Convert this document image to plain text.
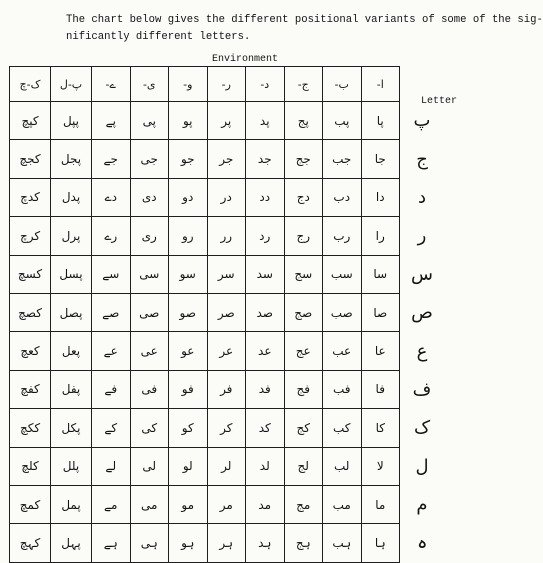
The chart below gives the different positional variants of some of the sig-
nificantly different letters.

Environment
Letter
ک-چ	پ-ل	ے-	ی-	و-	ر-	د-	ج-	ب-	ا-	
کپچ	پپل	پے	پی	پو	پر	پد	پج	پب	پا	پ
کجچ	پجل	جے	جی	جو	جر	جد	جج	جب	جا	ج
کدچ	پدل	دے	دی	دو	در	دد	دج	دب	دا	د
کرچ	پرل	رے	ری	رو	رر	رد	رج	رب	را	ر
کسچ	پسل	سے	سی	سو	سر	سد	سج	سب	سا	س
کصچ	پصل	صے	صی	صو	صر	صد	صج	صب	صا	ص
کعچ	پعل	عے	عی	عو	عر	عد	عج	عب	عا	ع
کفچ	پفل	فے	فی	فو	فر	فد	فج	فب	فا	ف
ککچ	پکل	کے	کی	کو	کر	کد	کج	کب	کا	ک
کلچ	پلل	لے	لی	لو	لر	لد	لج	لب	لا	ل
کمچ	پمل	مے	می	مو	مر	مد	مج	مب	ما	م
کہچ	پہل	ہے	ہی	ہو	ہر	ہد	ہج	ہب	ہا	ہ
